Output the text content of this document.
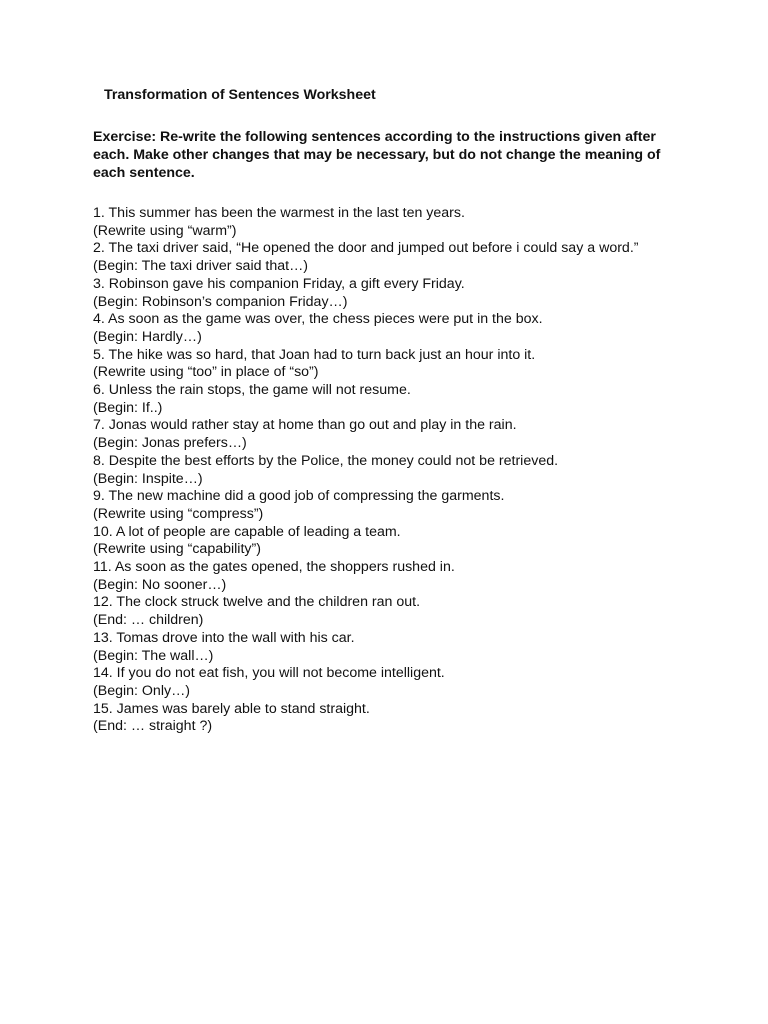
Transformation of Sentences Worksheet
Exercise: Re-write the following sentences according to the instructions given after each. Make other changes that may be necessary, but do not change the meaning of each sentence.
1. This summer has been the warmest in the last ten years.
(Rewrite using “warm”)
2. The taxi driver said, “He opened the door and jumped out before i could say a word.”
(Begin: The taxi driver said that…)
3. Robinson gave his companion Friday, a gift every Friday.
(Begin: Robinson’s companion Friday…)
4. As soon as the game was over, the chess pieces were put in the box.
(Begin: Hardly…)
5. The hike was so hard, that Joan had to turn back just an hour into it.
(Rewrite using “too” in place of “so”)
6. Unless the rain stops, the game will not resume.
(Begin: If..)
7. Jonas would rather stay at home than go out and play in the rain.
(Begin: Jonas prefers…)
8. Despite the best efforts by the Police, the money could not be retrieved.
(Begin: Inspite…)
9. The new machine did a good job of compressing the garments.
(Rewrite using “compress”)
10. A lot of people are capable of leading a team.
(Rewrite using “capability”)
11. As soon as the gates opened, the shoppers rushed in.
(Begin: No sooner…)
12. The clock struck twelve and the children ran out.
(End: … children)
13. Tomas drove into the wall with his car.
(Begin: The wall…)
14. If you do not eat fish, you will not become intelligent.
(Begin: Only…)
15. James was barely able to stand straight.
(End: … straight ?)
